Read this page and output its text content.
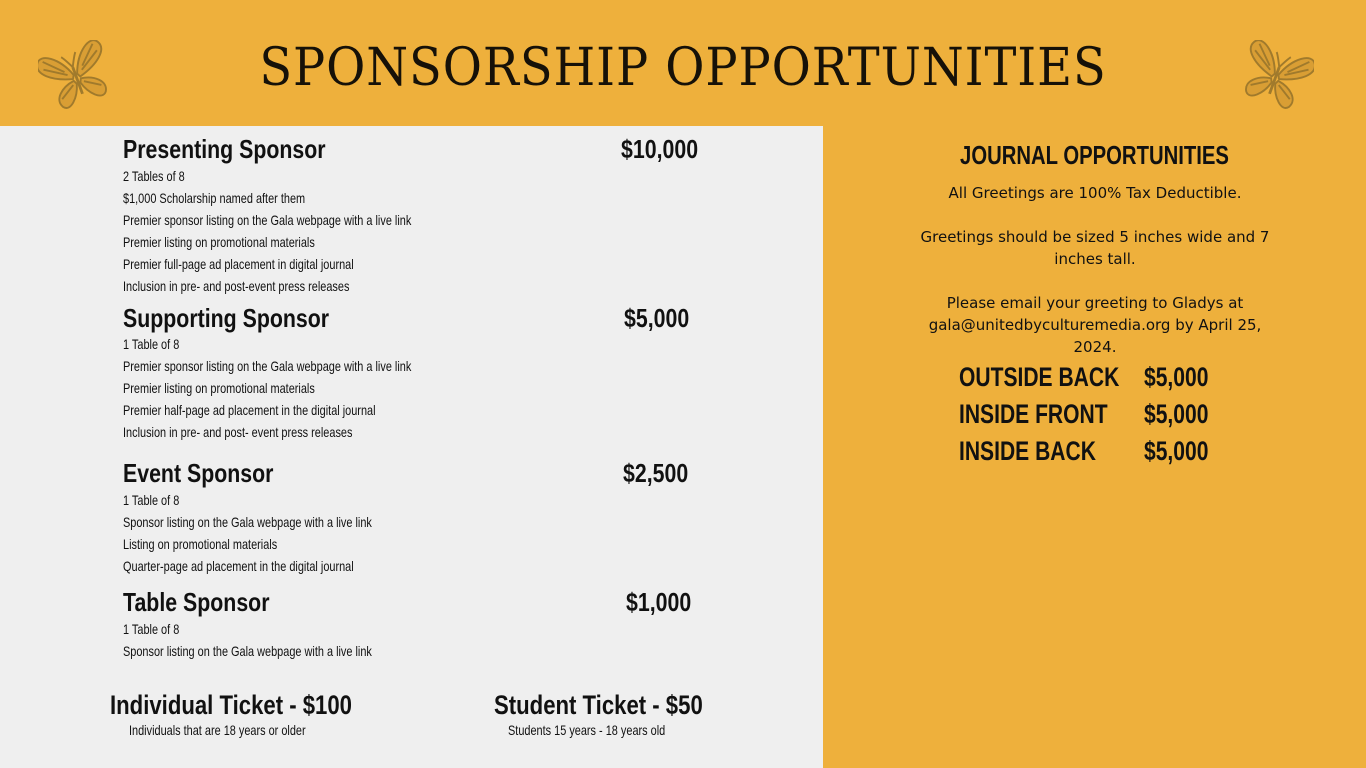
SPONSORSHIP OPPORTUNITIES
Presenting Sponsor	$10,000
2 Tables of 8
$1,000 Scholarship named after them
Premier sponsor listing on the Gala webpage with a live link
Premier listing on promotional materials
Premier full-page ad placement in digital journal
Inclusion in pre- and post-event press releases
Supporting Sponsor	$5,000
1 Table of 8
Premier sponsor listing on the Gala webpage with a live link
Premier listing on promotional materials
Premier half-page ad placement in the digital journal
Inclusion in pre- and post- event press releases
Event Sponsor	$2,500
1 Table of 8
Sponsor listing on the Gala webpage with a live link
Listing on promotional materials
Quarter-page ad placement in the digital journal
Table Sponsor	$1,000
1 Table of 8
Sponsor listing on the Gala webpage with a live link
Individual Ticket - $100
Individuals that are 18 years or older
Student Ticket - $50
Students 15 years - 18 years old
JOURNAL OPPORTUNITIES
All Greetings are 100% Tax Deductible.
Greetings should be sized 5 inches wide and 7 inches tall.
Please email your greeting to Gladys at gala@unitedbyculturemedia.org by April 25, 2024.
OUTSIDE BACK $5,000
INSIDE FRONT $5,000
INSIDE BACK $5,000
